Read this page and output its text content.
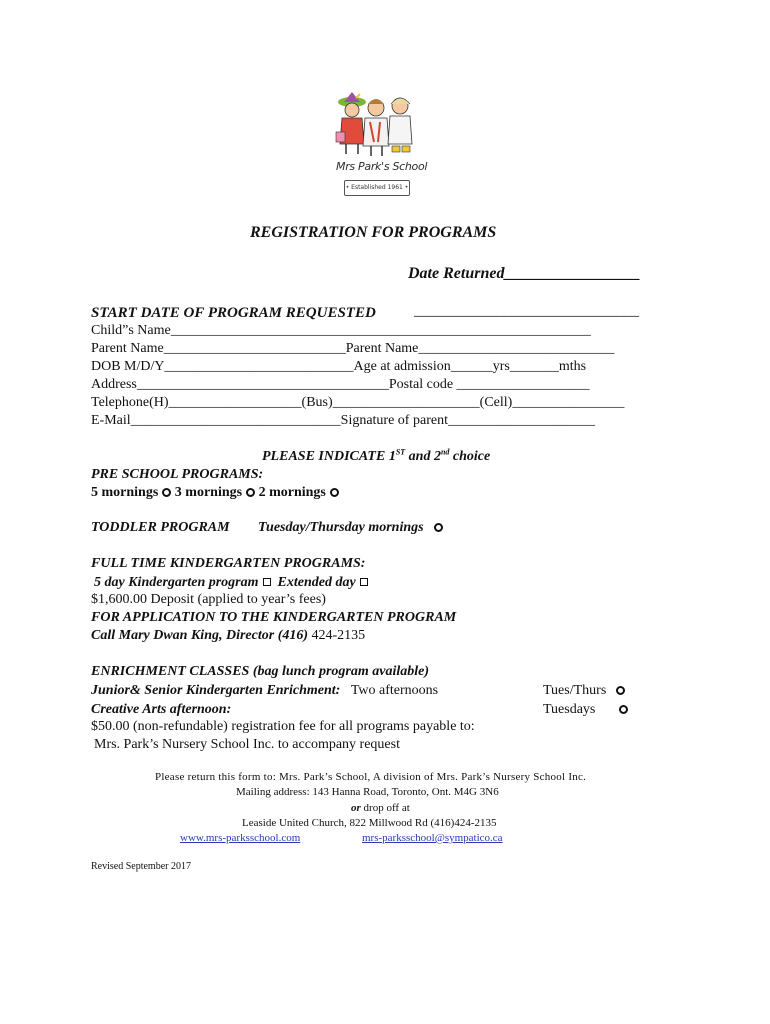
Mrs Park's School
• Established 1961 •
REGISTRATION FOR PROGRAMS
Date Returned_________________
START DATE OF PROGRAM REQUESTED	______________________________
Child”s Name____________________________________________________________
Parent Name__________________________Parent Name____________________________
DOB M/D/Y___________________________Age at admission______yrs_______mths
Address____________________________________Postal code ___________________
Telephone(H)___________________(Bus)_____________________(Cell)________________
E-Mail______________________________Signature of parent_____________________
PLEASE INDICATE 1ST and 2nd choice
PRE SCHOOL PROGRAMS:
5 mornings 3 mornings 2 mornings
TODDLER PROGRAM Tuesday/Thursday mornings
FULL TIME KINDERGARTEN PROGRAMS:
5 day Kindergarten program Extended day
$1,600.00 Deposit (applied to year’s fees)
FOR APPLICATION TO THE KINDERGARTEN PROGRAM
Call Mary Dwan King, Director (416) 424-2135
ENRICHMENT CLASSES (bag lunch program available)
Junior& Senior Kindergarten Enrichment: Two afternoons	Tues/Thurs
Creative Arts afternoon:	Tuesdays
$50.00 (non-refundable) registration fee for all programs payable to:
Mrs. Park’s Nursery School Inc. to accompany request
Please return this form to: Mrs. Park’s School, A division of Mrs. Park’s Nursery School Inc.
Mailing address: 143 Hanna Road, Toronto, Ont. M4G 3N6
or drop off at
Leaside United Church, 822 Millwood Rd (416)424-2135
www.mrs-parksschool.com	mrs-parksschool@sympatico.ca
Revised September 2017
